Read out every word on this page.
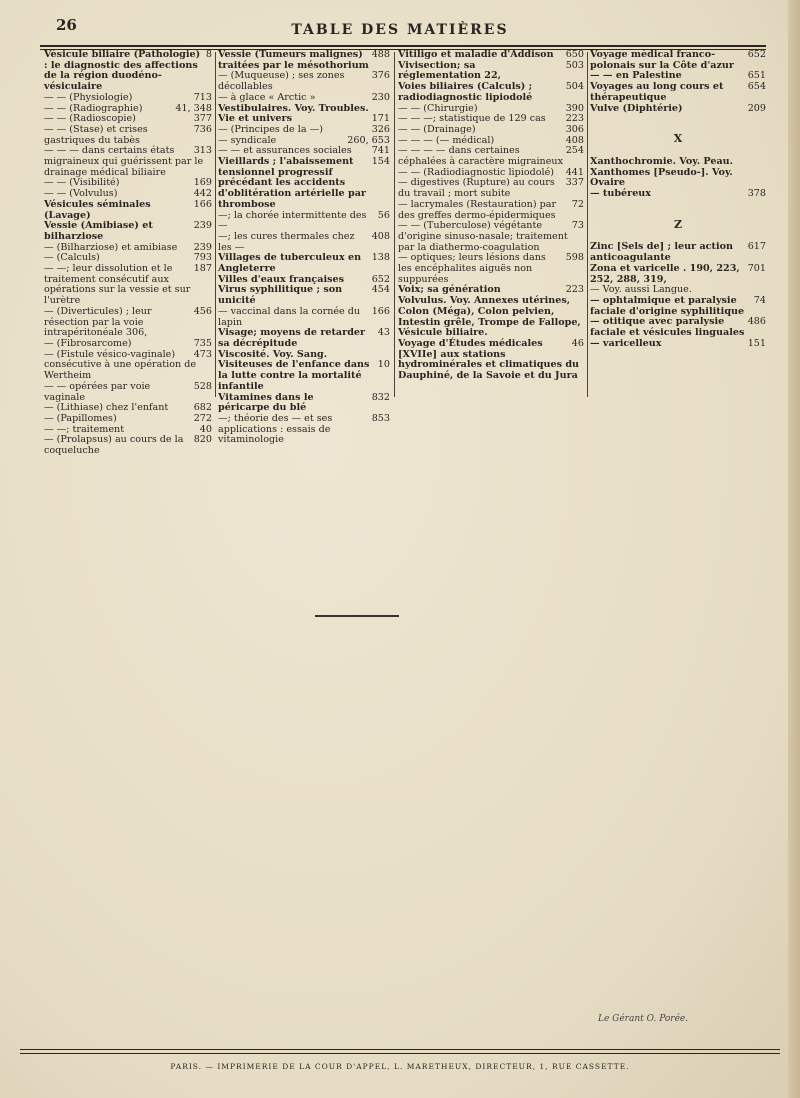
26	TABLE DES MATIÈRES
8
Vésicule biliaire (Pathologie) : le diagnostic des affections de la région duodéno-vésiculaire
713
— — (Physiologie)
41, 348
— — (Radiographie)
377
— — (Radioscopie)
736
— — (Stase) et crises gastriques du tabès
313
— — — dans certains états migraineux qui guérissent par le drainage médical biliaire
169
— — (Visibilité)
442
— — (Volvulus)
166
Vésicules séminales (Lavage)
239
Vessie (Amibiase) et bilharziose
239
— (Bilharziose) et amibiase
793
— (Calculs)
187
— —; leur dissolution et le traitement consécutif aux opérations sur la vessie et sur l'urètre
456
— (Diverticules) ; leur résection par la voie intrapéritonéale 306,
735
— (Fibrosarcome)
473
— (Fistule vésico-vaginale) consécutive à une opération de Wertheim
528
— — opérées par voie vaginale
682
— (Lithiase) chez l'enfant
272
— (Papillomes)
40
— —; traitement
820
— (Prolapsus) au cours de la coqueluche
488
Vessie (Tumeurs malignes) traitées par le mésothorium
376
— (Muqueuse) ; ses zones décollables
230
— à glace « Arctic »
Vestibulaires. Voy. Troubles.
171
Vie et univers
326
— (Principes de la —)
260, 653
— syndicale
741
— — et assurances sociales
154
Vieillards ; l'abaissement tensionnel progressif précédant les accidents d'oblitération artérielle par thrombose
56
—; la chorée intermittente des —
408
—; les cures thermales chez les —
138
Villages de tuberculeux en Angleterre
652
Villes d'eaux françaises
454
Virus syphilitique ; son unicité
166
— vaccinal dans la cornée du lapin
43
Visage; moyens de retarder sa décrépitude
Viscosité. Voy. Sang.
10
Visiteuses de l'enfance dans la lutte contre la mortalité infantile
832
Vitamines dans le péricarpe du blé
853
—; théorie des — et ses applications : essais de vitaminologie
650
Vitiligo et maladie d'Addison
503
Vivisection; sa réglementation 22,
504
Voies biliaires (Calculs) ; radiodiagnostic lipiodolé
390
— — (Chirurgie)
223
— — —; statistique de 129 cas
306
— — (Drainage)
408
— — — (— médical)
254
— — — — dans certaines céphalées à caractère migraineux
441
— — (Radiodiagnostic lipiodolé)
337
— digestives (Rupture) au cours du travail ; mort subite
72
— lacrymales (Restauration) par des greffes dermo-épidermiques
73
— — (Tuberculose) végétante d'origine sinuso-nasale; traitement par la diathermo-coagulation
598
— optiques; leurs lésions dans les encéphalites aiguës non suppurées
223
Voix; sa génération
Volvulus. Voy. Annexes utérines, Colon (Méga), Colon pelvien, Intestin grêle, Trompe de Fallope, Vésicule biliaire.
46
Voyage d'Études médicales [XVIIe] aux stations hydrominérales et climatiques du Dauphiné, de la Savoie et du Jura
652
Voyage médical franco-polonais sur la Côte d'azur
651
— — en Palestine
654
Voyages au long cours et thérapeutique
209
Vulve (Diphtérie)
X
Xanthochromie. Voy. Peau.
Xanthomes [Pseudo-]. Voy. Ovaire
378
— tubéreux
Z
617
Zinc [Sels de] ; leur action anticoagulante
701
Zona et varicelle . 190, 223, 252, 288, 319,
— Voy. aussi Langue.
74
— ophtalmique et paralysie faciale d'origine syphilitique
486
— otitique avec paralysie faciale et vésicules linguales
151
— varicelleux
Le Gérant O. Porée.
PARIS. — IMPRIMERIE DE LA COUR D'APPEL, L. MARETHEUX, DIRECTEUR, 1, RUE CASSETTE.
